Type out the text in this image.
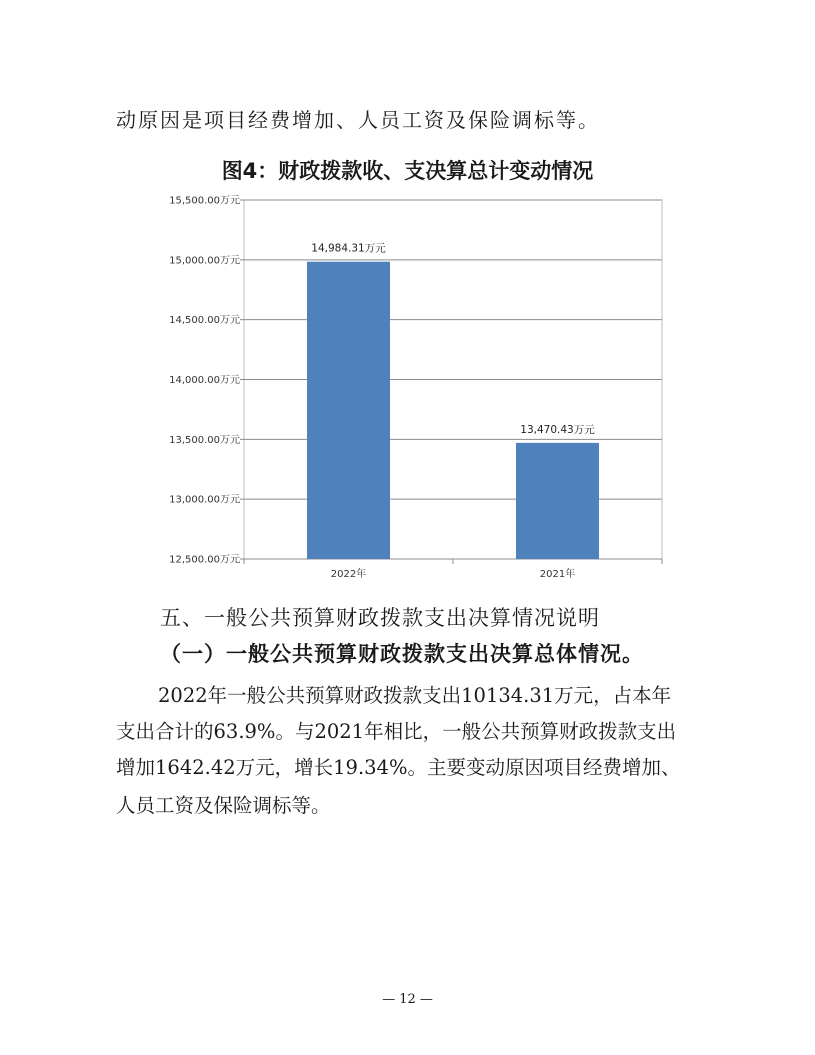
动原因是项目经费增加、人员工资及保险调标等。
图4：财政拨款收、支决算总计变动情况
15,500.00万元
15,000.00万元
14,500.00万元
14,000.00万元
13,500.00万元
13,000.00万元
12,500.00万元
14,984.31万元
13,470.43万元
2022年	2021年
五、一般公共预算财政拨款支出决算情况说明
（一）一般公共预算财政拨款支出决算总体情况。
2022年一般公共预算财政拨款支出10134.31万元，占本年
支出合计的63.9%。与2021年相比，一般公共预算财政拨款支出
增加1642.42万元，增长19.34%。主要变动原因项目经费增加、
人员工资及保险调标等。
— 12 —
